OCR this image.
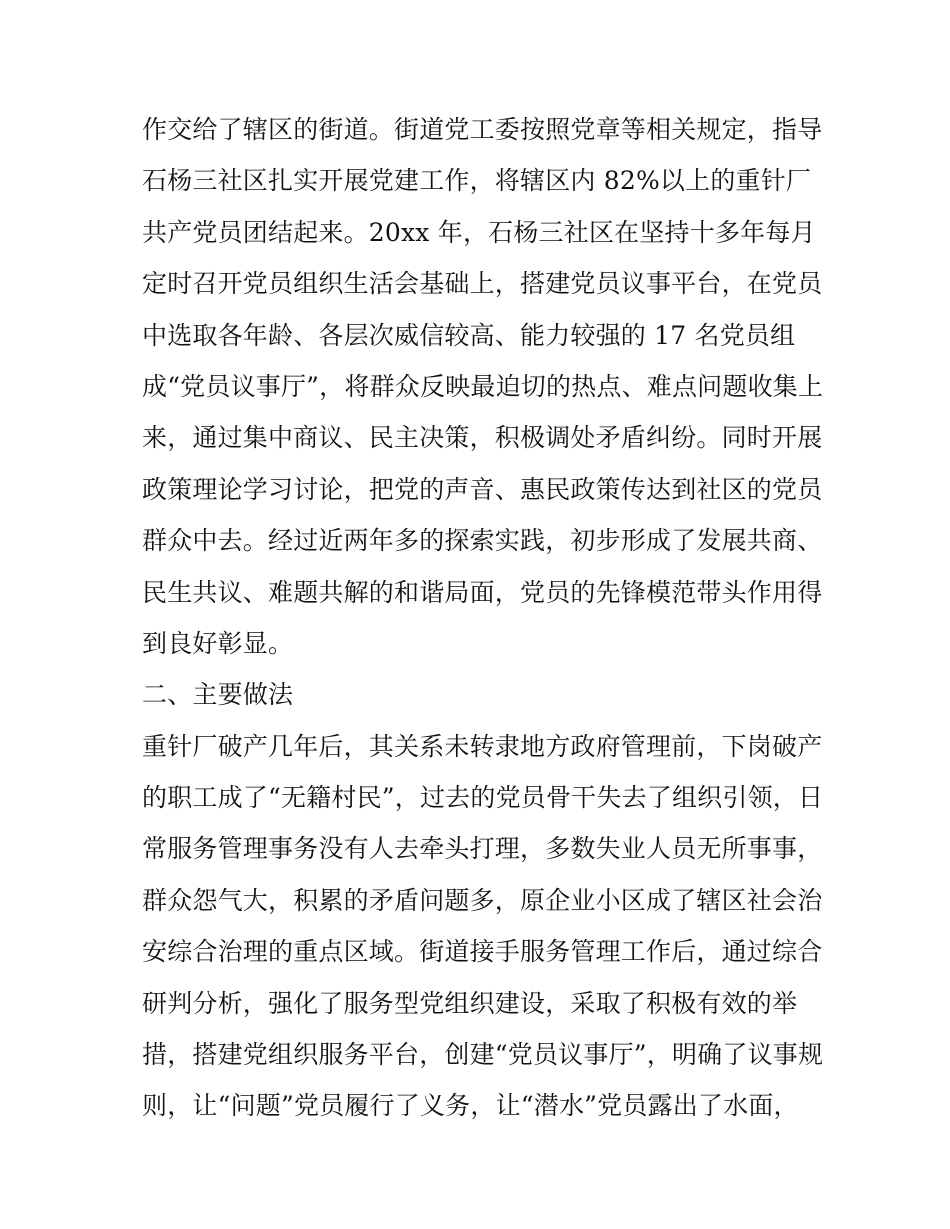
作交给了辖区的街道。街道党工委按照党章等相关规定，指导
石杨三社区扎实开展党建工作，将辖区内 82%以上的重针厂
共产党员团结起来。20xx 年，石杨三社区在坚持十多年每月
定时召开党员组织生活会基础上，搭建党员议事平台，在党员
中选取各年龄、各层次威信较高、能力较强的 17 名党员组
成“党员议事厅”，将群众反映最迫切的热点、难点问题收集上
来，通过集中商议、民主决策，积极调处矛盾纠纷。同时开展
政策理论学习讨论，把党的声音、惠民政策传达到社区的党员
群众中去。经过近两年多的探索实践，初步形成了发展共商、
民生共议、难题共解的和谐局面，党员的先锋模范带头作用得
到良好彰显。
二、主要做法
重针厂破产几年后，其关系未转隶地方政府管理前，下岗破产
的职工成了“无籍村民”，过去的党员骨干失去了组织引领，日
常服务管理事务没有人去牵头打理，多数失业人员无所事事，
群众怨气大，积累的矛盾问题多，原企业小区成了辖区社会治
安综合治理的重点区域。街道接手服务管理工作后，通过综合
研判分析，强化了服务型党组织建设，采取了积极有效的举
措，搭建党组织服务平台，创建“党员议事厅”，明确了议事规
则，让“问题”党员履行了义务，让“潜水”党员露出了水面，
